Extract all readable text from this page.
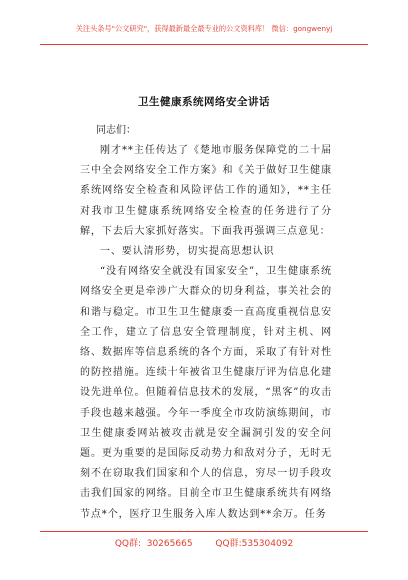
关注头条号"公文研究"，获得最新最全最专业的公文资料库！ 微信：gongwenyj
卫生健康系统网络安全讲话
同志们：

刚才**主任传达了《楚地市服务保障党的二十届三中全会网络安全工作方案》和《关于做好卫生健康系统网络安全检查和风险评估工作的通知》，**主任对我市卫生健康系统网络安全检查的任务进行了分解，下去后大家抓好落实。下面我再强调三点意见：

一、要认清形势，切实提高思想认识

“没有网络安全就没有国家安全”，卫生健康系统网络安全更是牵涉广大群众的切身利益，事关社会的和谐与稳定。市卫生卫生健康委一直高度重视信息安全工作，建立了信息安全管理制度，针对主机、网络、数据库等信息系统的各个方面，采取了有针对性的防控措施。连续十年被省卫生健康厅评为信息化建设先进单位。但随着信息技术的发展，“黑客”的攻击手段也越来越强。今年一季度全市攻防演练期间，市卫生健康委网站被攻击就是安全漏洞引发的安全问题。更为重要的是国际反动势力和敌对分子，无时无刻不在窃取我们国家和个人的信息，穷尽一切手段攻击我们国家的网络。目前全市卫生健康系统共有网络节点*个，医疗卫生服务入库人数达到**余万。任务

QQ群:  30265665        QQ群:535304092
